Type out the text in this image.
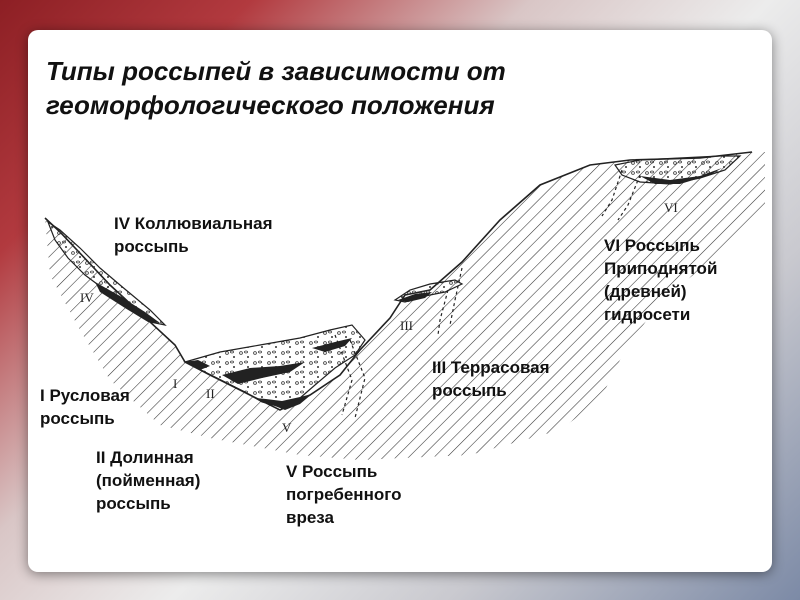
Типы россыпей в зависимости от геоморфологического положения
IV
I
II
V
III
VI
IV Коллювиальная
россыпь	VI Россыпь
Приподнятой
(древней)
гидросети
III Террасовая
россыпь
I Русловая
россыпь
II Долинная
(пойменная)
россыпь
V Россыпь
погребенного
вреза
